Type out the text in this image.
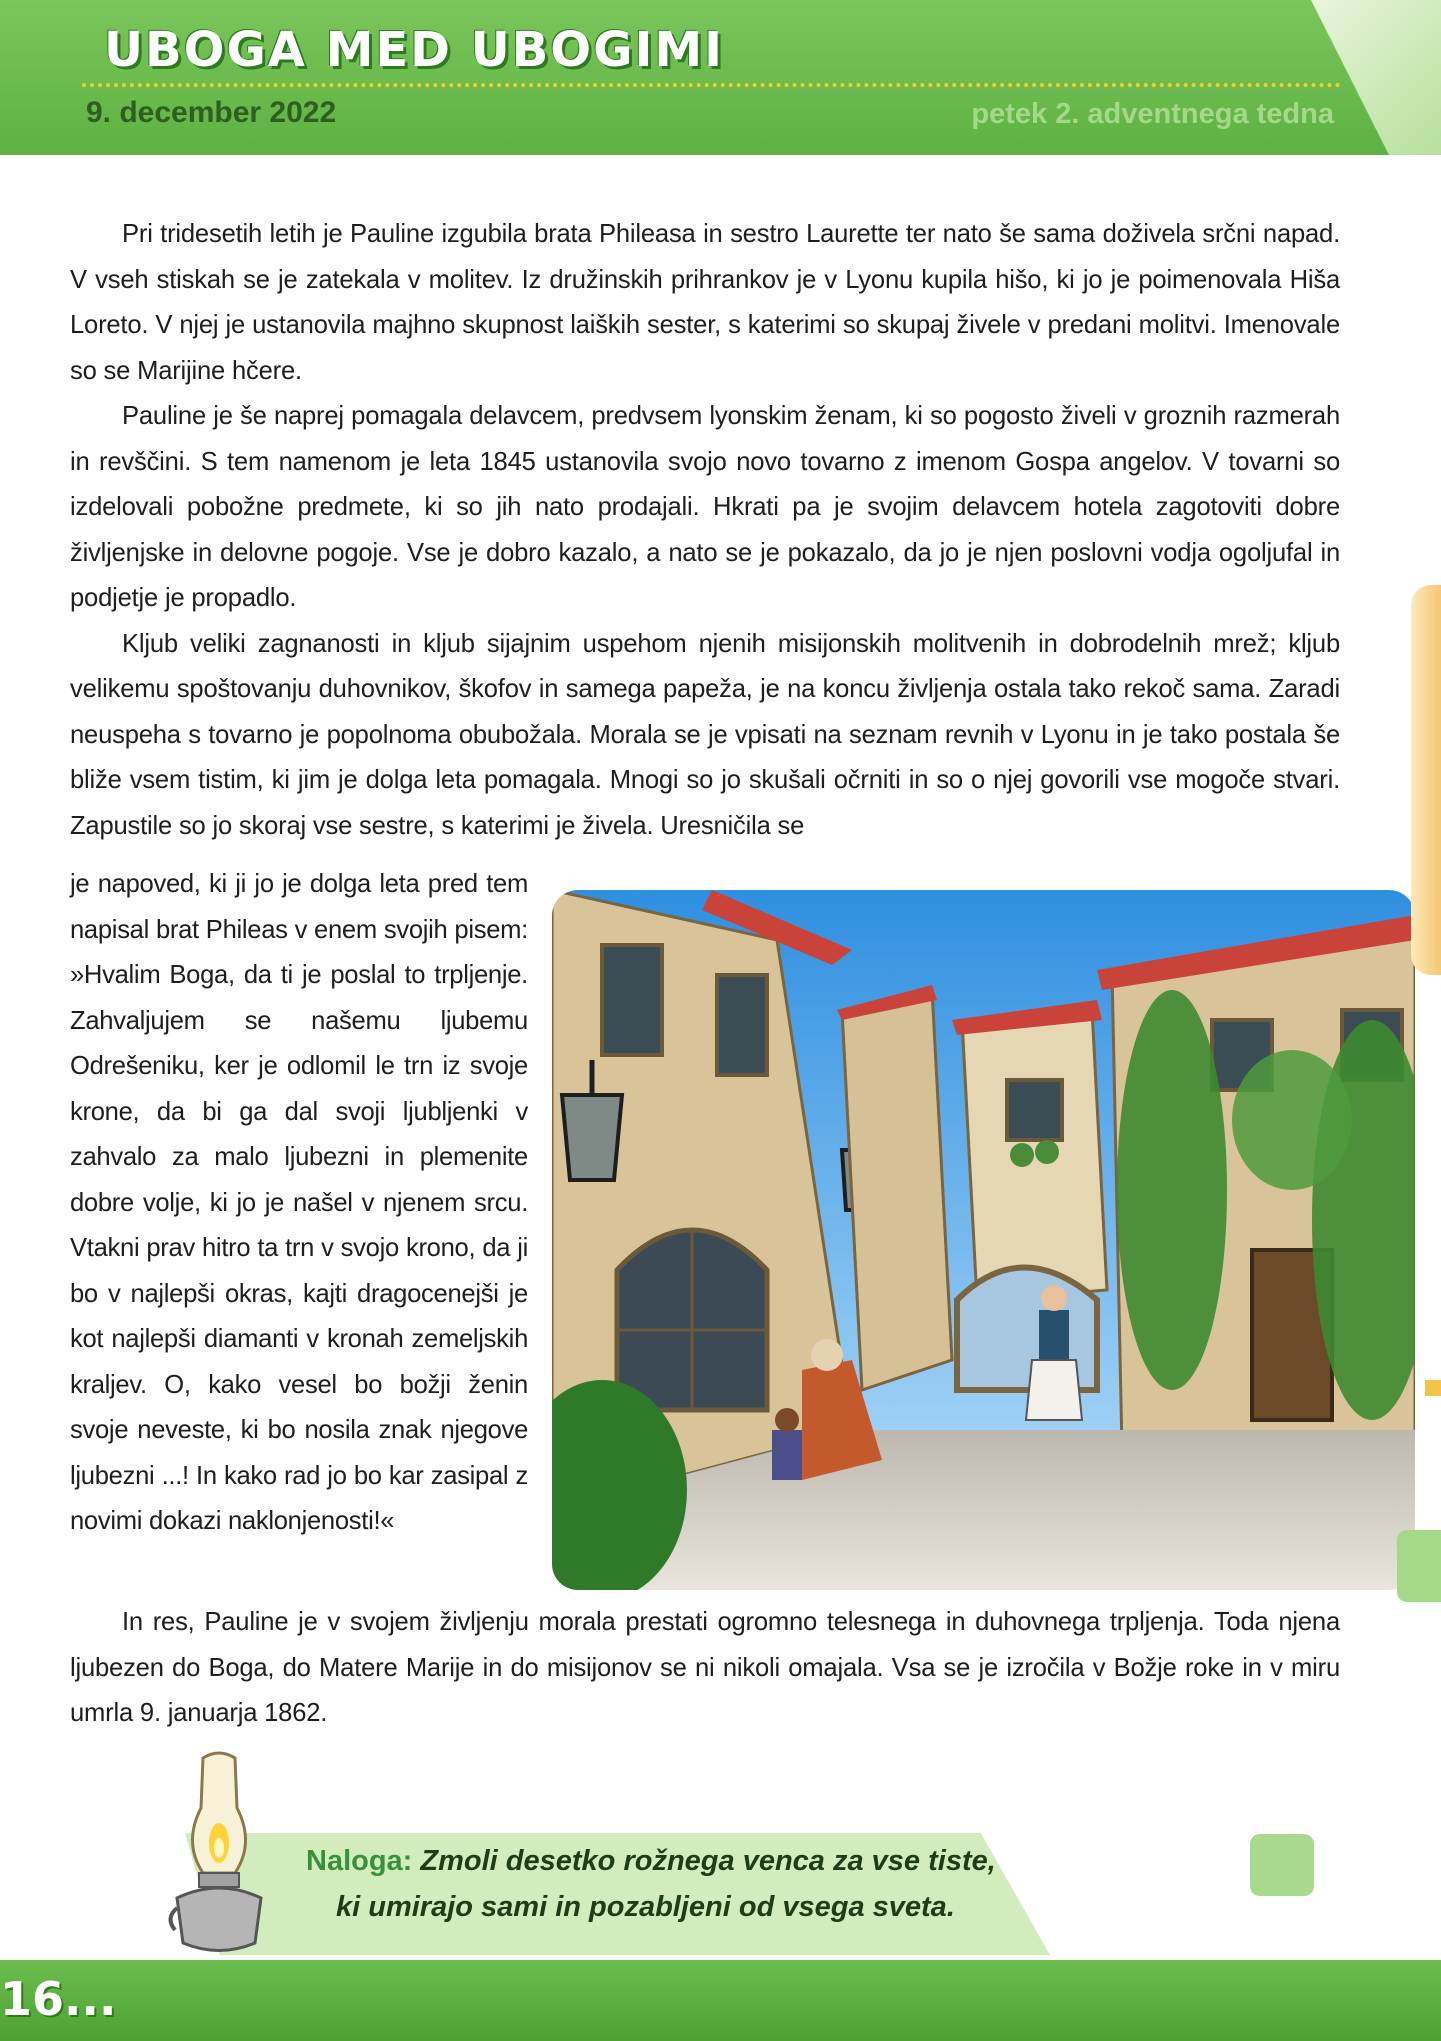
UBOGA MED UBOGIMI
9. december 2022	petek 2. adventnega tedna

Pri tridesetih letih je Pauline izgubila brata Phileasa in sestro Laurette ter nato še sama doživela srčni napad. V vseh stiskah se je zatekala v molitev. Iz družinskih prihrankov je v Lyonu kupila hišo, ki jo je poimenovala Hiša Loreto. V njej je ustanovila majhno skupnost laiških sester, s katerimi so skupaj živele v predani molitvi. Imenovale so se Marijine hčere.

Pauline je še naprej pomagala delavcem, predvsem lyonskim ženam, ki so pogosto živeli v groznih razmerah in revščini. S tem namenom je leta 1845 ustanovila svojo novo tovarno z imenom Gospa angelov. V tovarni so izdelovali pobožne predmete, ki so jih nato prodajali. Hkrati pa je svojim delavcem hotela zagotoviti dobre življenjske in delovne pogoje. Vse je dobro kazalo, a nato se je pokazalo, da jo je njen poslovni vodja ogoljufal in podjetje je propadlo.

Kljub veliki zagnanosti in kljub sijajnim uspehom njenih misijonskih molitvenih in dobrodelnih mrež; kljub velikemu spoštovanju duhovnikov, škofov in samega papeža, je na koncu življenja ostala tako rekoč sama. Zaradi neuspeha s tovarno je popolnoma obubožala. Morala se je vpisati na seznam revnih v Lyonu in je tako postala še bliže vsem tistim, ki jim je dolga leta pomagala. Mnogi so jo skušali očrniti in so o njej govorili vse mogoče stvari. Zapustile so jo skoraj vse sestre, s katerimi je živela. Uresničila se

je napoved, ki ji jo je dolga leta pred tem napisal brat Phileas v enem svojih pisem: »Hvalim Boga, da ti je poslal to trpljenje. Zahvaljujem se našemu ljubemu Odrešeniku, ker je odlomil le trn iz svoje krone, da bi ga dal svoji ljubljenki v zahvalo za malo ljubezni in plemenite dobre volje, ki jo je našel v njenem srcu. Vtakni prav hitro ta trn v svojo krono, da ji bo v najlepši okras, kajti dragocenejši je kot najlepši diamanti v kronah zemeljskih kraljev. O, kako vesel bo božji ženin svoje neveste, ki bo nosila znak njegove ljubezni ...! In kako rad jo bo kar zasipal z novimi dokazi naklonjenosti!«

In res, Pauline je v svojem življenju morala prestati ogromno telesnega in duhovnega trpljenja. Toda njena ljubezen do Boga, do Matere Marije in do misijonov se ni nikoli omajala. Vsa se je izročila v Božje roke in v miru umrla 9. januarja 1862.

Naloga: Zmoli desetko rožnega venca za vse tiste,
ki umirajo sami in pozabljeni od vsega sveta.
16...
